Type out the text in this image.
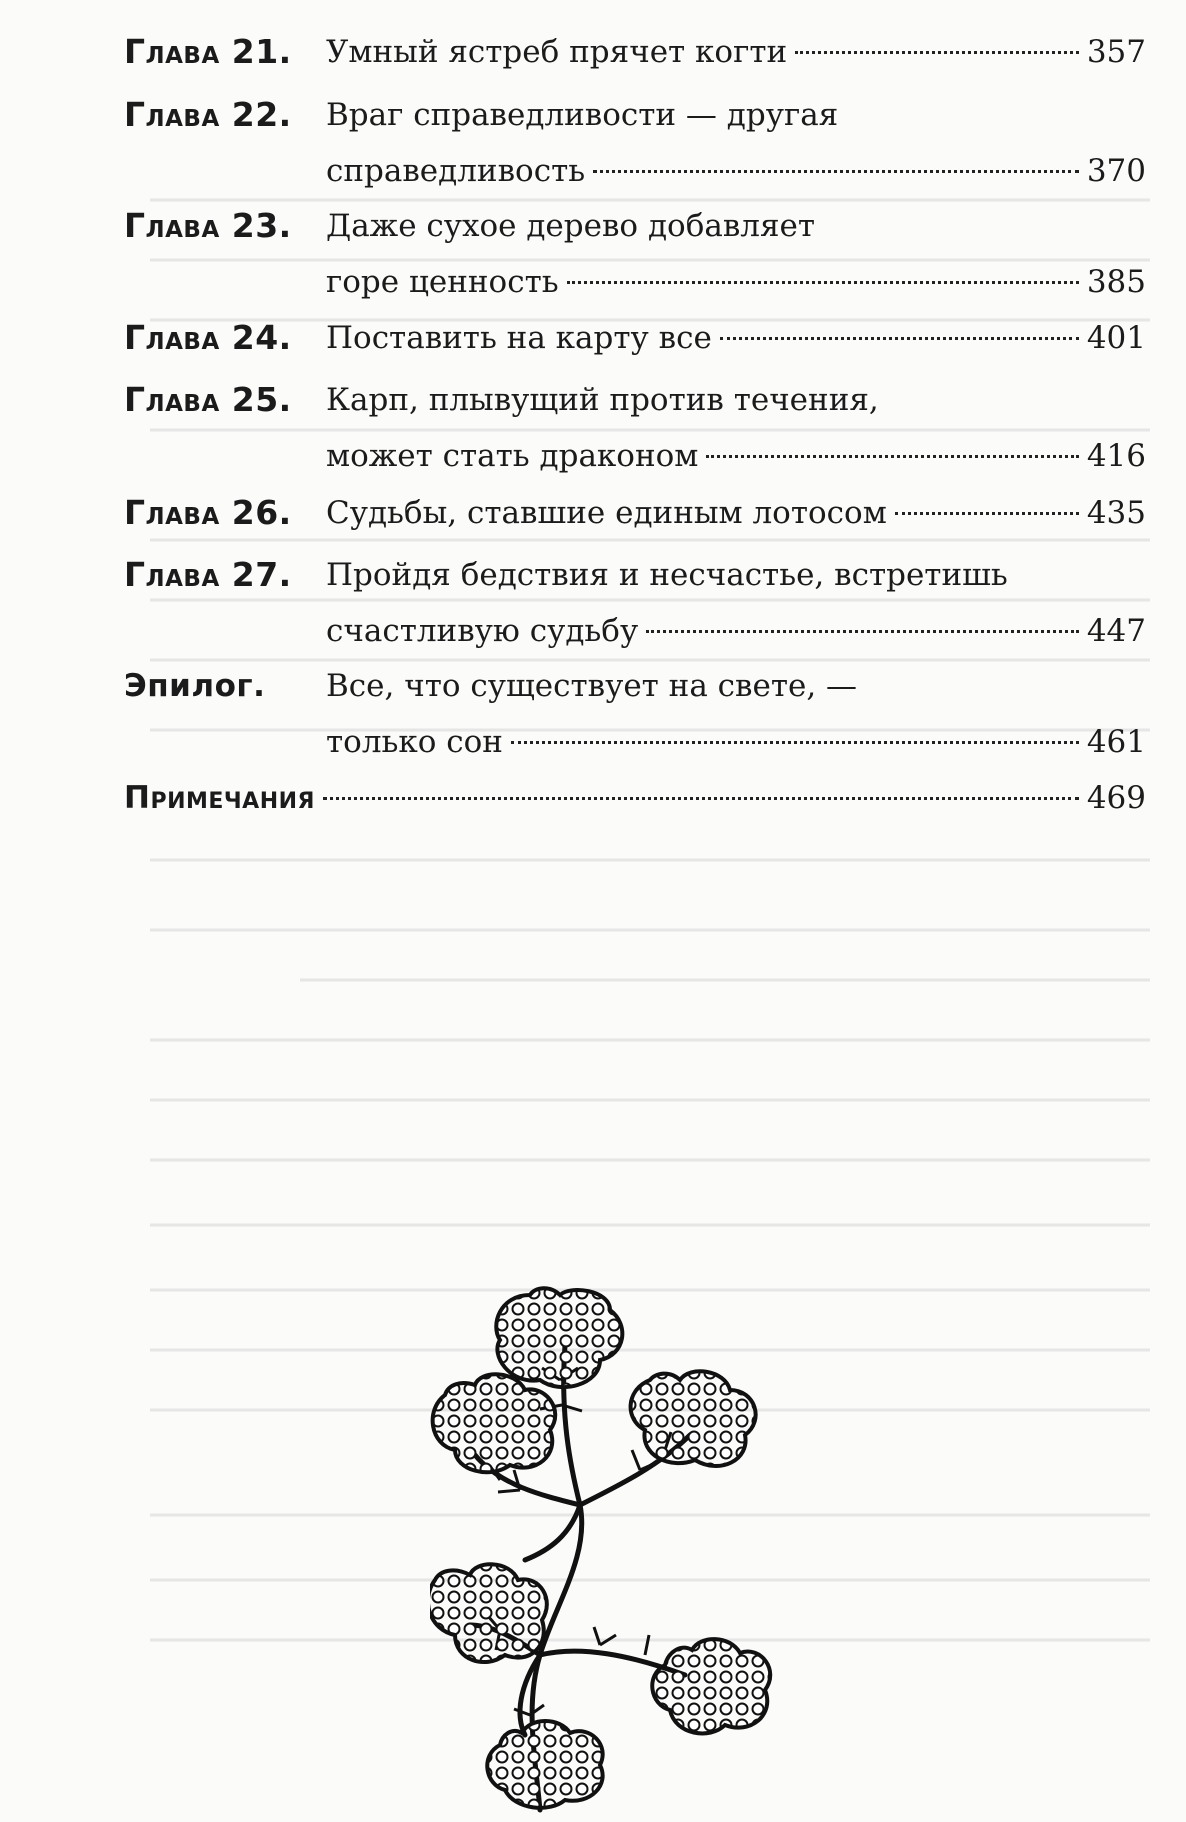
Глава 21. Умный ястреб прячет когти	357
Глава 22. Враг справедливости — другая
справедливость	370
Глава 23. Даже сухое дерево добавляет
горе ценность	385
Глава 24. Поставить на карту все	401
Глава 25. Карп, плывущий против течения,
может стать драконом	416
Глава 26. Судьбы, ставшие единым лотосом	435
Глава 27. Пройдя бедствия и несчастье, встретишь
счастливую судьбу	447
Эпилог. Все, что существует на свете, —
только сон	461
Примечания	469
